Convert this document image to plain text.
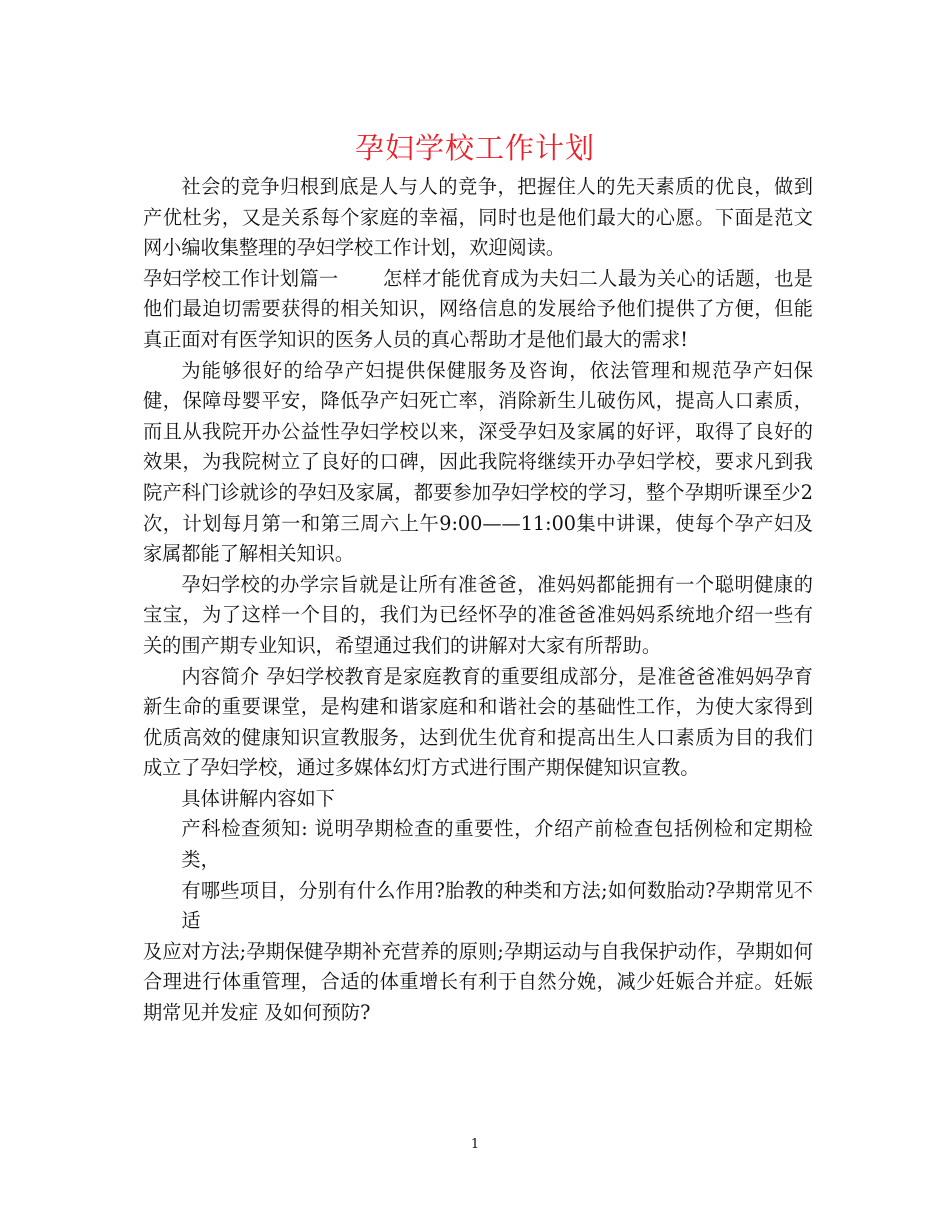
孕妇学校工作计划

社会的竞争归根到底是人与人的竞争，把握住人的先天素质的优良，做到产优杜劣，又是关系每个家庭的幸福，同时也是他们最大的心愿。下面是范文网小编收集整理的孕妇学校工作计划，欢迎阅读。

孕妇学校工作计划篇一 怎样才能优育成为夫妇二人最为关心的话题，也是他们最迫切需要获得的相关知识，网络信息的发展给予他们提供了方便，但能真正面对有医学知识的医务人员的真心帮助才是他们最大的需求!

为能够很好的给孕产妇提供保健服务及咨询，依法管理和规范孕产妇保健，保障母婴平安，降低孕产妇死亡率，消除新生儿破伤风，提高人口素质，而且从我院开办公益性孕妇学校以来，深受孕妇及家属的好评，取得了良好的效果，为我院树立了良好的口碑，因此我院将继续开办孕妇学校，要求凡到我院产科门诊就诊的孕妇及家属，都要参加孕妇学校的学习，整个孕期听课至少2次，计划每月第一和第三周六上午9:00——11:00集中讲课，使每个孕产妇及家属都能了解相关知识。

孕妇学校的办学宗旨就是让所有准爸爸，准妈妈都能拥有一个聪明健康的宝宝，为了这样一个目的，我们为已经怀孕的准爸爸准妈妈系统地介绍一些有关的围产期专业知识，希望通过我们的讲解对大家有所帮助。

内容简介 孕妇学校教育是家庭教育的重要组成部分，是准爸爸准妈妈孕育新生命的重要课堂，是构建和谐家庭和和谐社会的基础性工作，为使大家得到优质高效的健康知识宣教服务，达到优生优育和提高出生人口素质为目的我们成立了孕妇学校，通过多媒体幻灯方式进行围产期保健知识宣教。

具体讲解内容如下

产科检查须知: 说明孕期检查的重要性，介绍产前检查包括例检和定期检类，
有哪些项目，分别有什么作用?胎教的种类和方法;如何数胎动?孕期常见不适
及应对方法;孕期保健孕期补充营养的原则;孕期运动与自我保护动作，孕期如何合理进行体重管理，合适的体重增长有利于自然分娩，减少妊娠合并症。妊娠期常见并发症 及如何预防?

1
